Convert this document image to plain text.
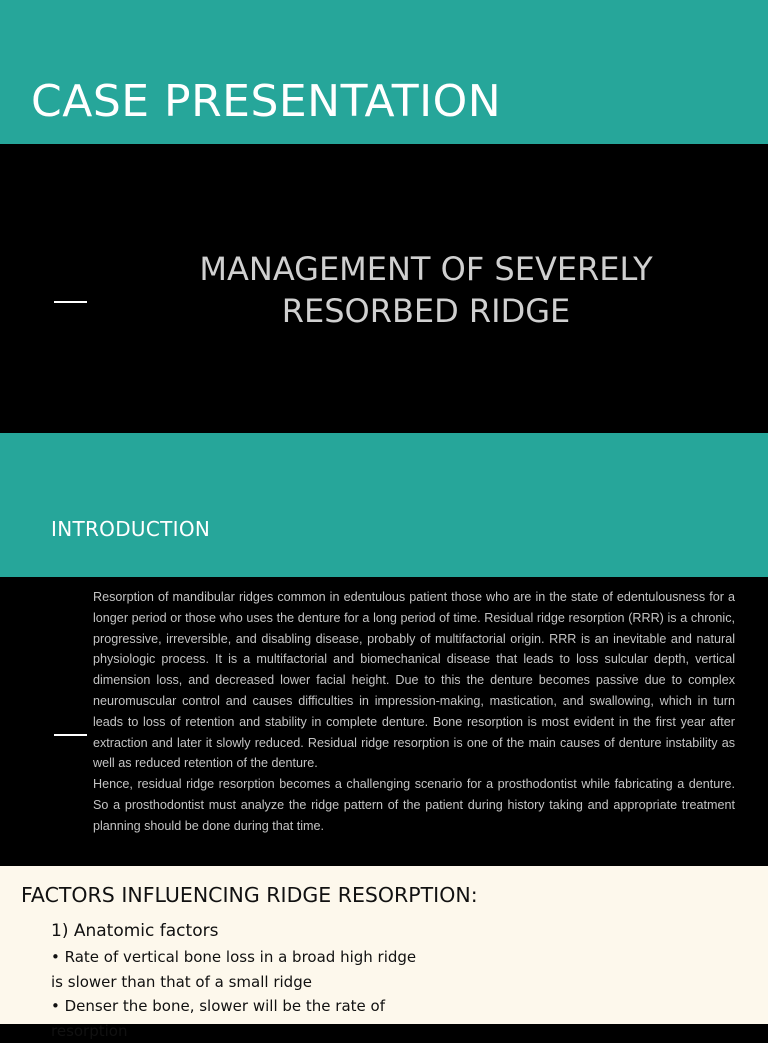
CASE PRESENTATION
MANAGEMENT OF SEVERELY RESORBED RIDGE
INTRODUCTION

Resorption of mandibular ridges common in edentulous patient those who are in the state of edentulousness for a longer period or those who uses the denture for a long period of time. Residual ridge resorption (RRR) is a chronic, progressive, irreversible, and disabling disease, probably of multifactorial origin. RRR is an inevitable and natural physiologic process. It is a multifactorial and biomechanical disease that leads to loss sulcular depth, vertical dimension loss, and decreased lower facial height. Due to this the denture becomes passive due to complex neuromuscular control and causes difficulties in impression-making, mastication, and swallowing, which in turn leads to loss of retention and stability in complete denture. Bone resorption is most evident in the first year after extraction and later it slowly reduced. Residual ridge resorption is one of the main causes of denture instability as well as reduced retention of the denture.

Hence, residual ridge resorption becomes a challenging scenario for a prosthodontist while fabricating a denture. So a prosthodontist must analyze the ridge pattern of the patient during history taking and appropriate treatment planning should be done during that time.

FACTORS INFLUENCING RIDGE RESORPTION:
1) Anatomic factors
• Rate of vertical bone loss in a broad high ridge is slower than that of a small ridge
• Denser the bone, slower will be the rate of resorption
